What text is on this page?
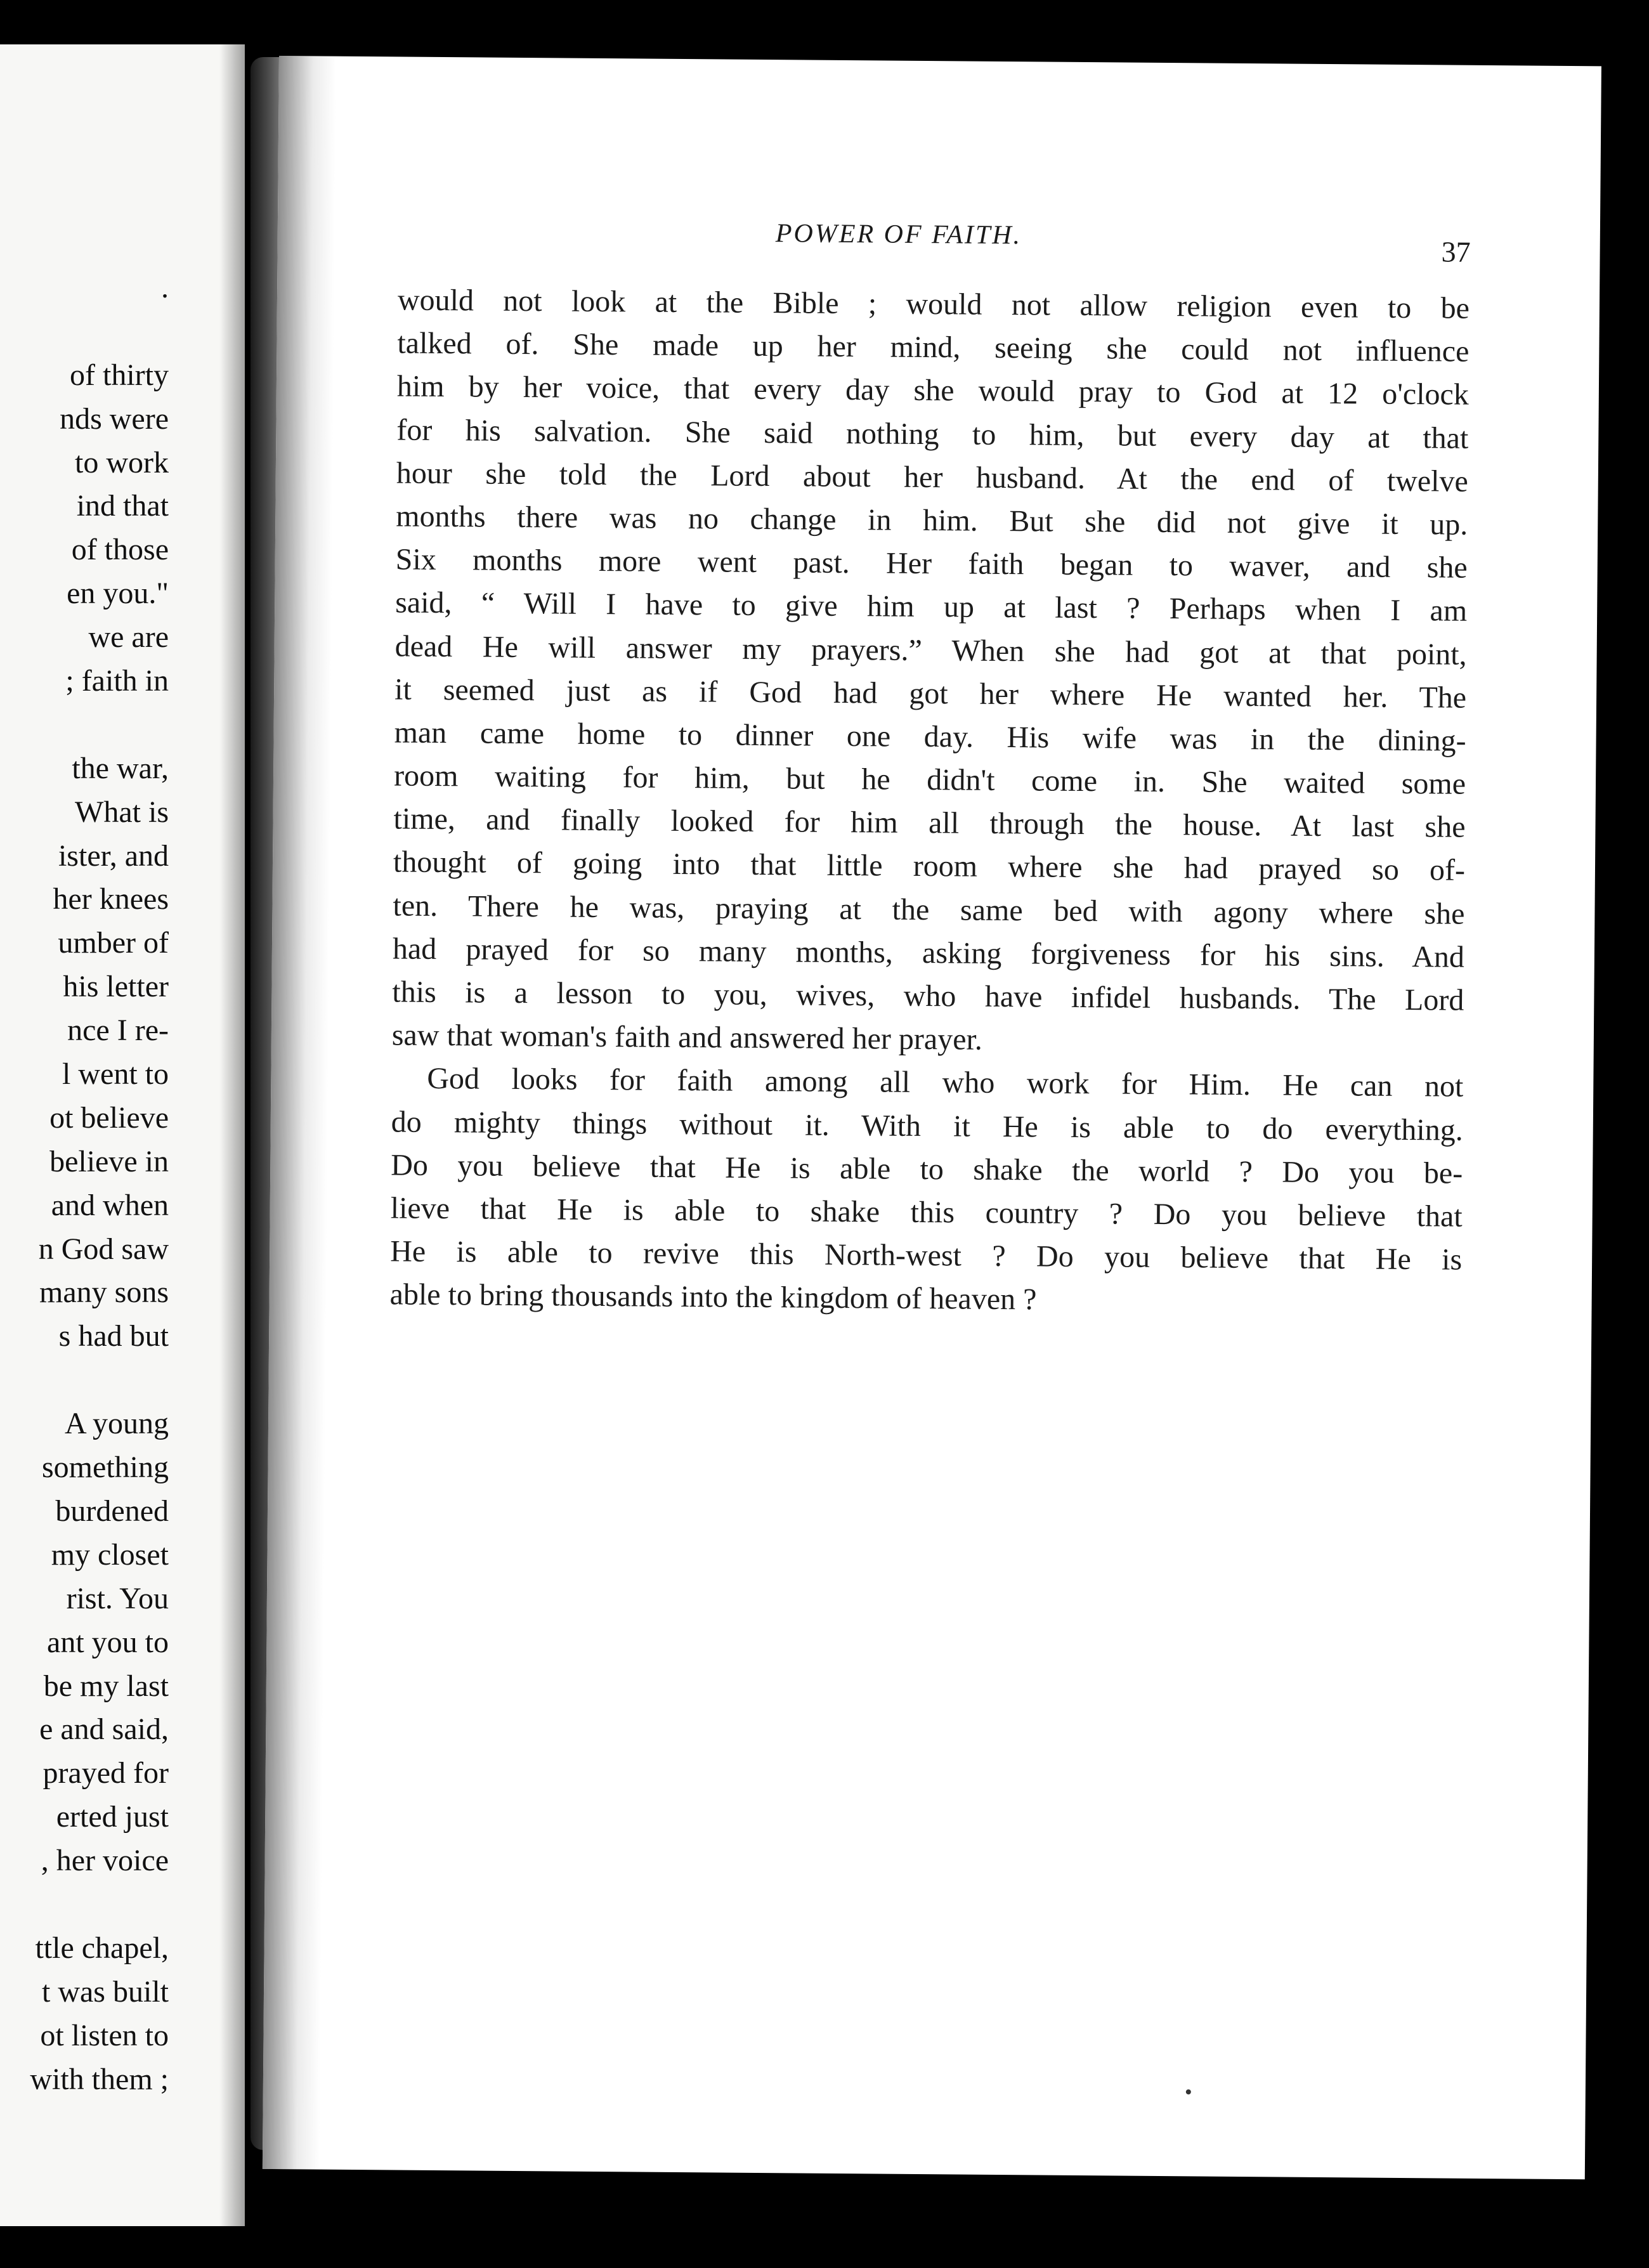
.
of thirty
nds were
to work
ind that
of those
en you."
we are
; faith in
the war,
What is
ister, and
her knees
umber of
his letter
nce I re-
l went to
ot believe
believe in
and when
n God saw
many sons
s had but
A young
something
burdened
my closet
rist. You
ant you to
be my last
e and said,
prayed for
erted just
, her voice
ttle chapel,
t was built
ot listen to
with them ;
POWER OF FAITH.
37
would not look at the Bible ; would not allow religion even to be
talked of. She made up her mind, seeing she could not influence
him by her voice, that every day she would pray to God at 12 o'clock
for his salvation. She said nothing to him, but every day at that
hour she told the Lord about her husband. At the end of twelve
months there was no change in him. But she did not give it up.
Six months more went past. Her faith began to waver, and she
said, “ Will I have to give him up at last ? Perhaps when I am
dead He will answer my prayers.” When she had got at that point,
it seemed just as if God had got her where He wanted her. The
man came home to dinner one day. His wife was in the dining-
room waiting for him, but he didn't come in. She waited some
time, and finally looked for him all through the house. At last she
thought of going into that little room where she had prayed so of-
ten. There he was, praying at the same bed with agony where she
had prayed for so many months, asking forgiveness for his sins. And
this is a lesson to you, wives, who have infidel husbands. The Lord
saw that woman's faith and answered her prayer.
God looks for faith among all who work for Him. He can not
do mighty things without it. With it He is able to do everything.
Do you believe that He is able to shake the world ? Do you be-
lieve that He is able to shake this country ? Do you believe that
He is able to revive this North-west ? Do you believe that He is
able to bring thousands into the kingdom of heaven ?
